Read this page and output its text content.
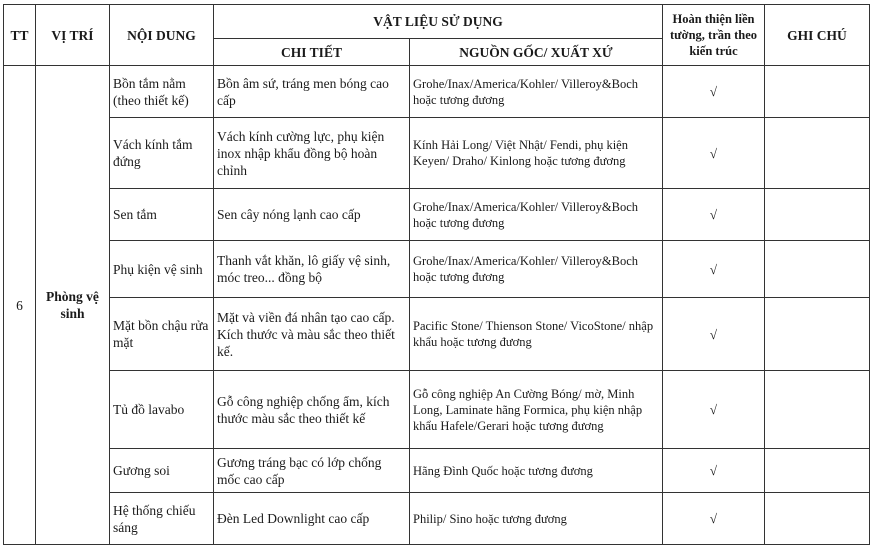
TT	VỊ TRÍ	NỘI DUNG	VẬT LIỆU SỬ DỤNG		Hoàn thiện liền tường, trần theo kiến trúc	GHI CHÚ
			CHI TIẾT	NGUỒN GỐC/ XUẤT XỨ		
6	Phòng vệ sinh	Bồn tắm nằm (theo thiết kế)	Bồn âm sứ, tráng men bóng cao cấp	Grohe/Inax/America/Kohler/ Villeroy&Boch hoặc tương đương	√	
		Vách kính tắm đứng	Vách kính cường lực, phụ kiện inox nhập khẩu đồng bộ hoàn chỉnh	Kính Hải Long/ Việt Nhật/ Fendi, phụ kiện Keyen/ Draho/ Kinlong hoặc tương đương	√	
		Sen tắm	Sen cây nóng lạnh cao cấp	Grohe/Inax/America/Kohler/ Villeroy&Boch hoặc tương đương	√	
		Phụ kiện vệ sinh	Thanh vắt khăn, lô giấy vệ sinh, móc treo... đồng bộ	Grohe/Inax/America/Kohler/ Villeroy&Boch hoặc tương đương	√	
		Mặt bồn chậu rửa mặt	Mặt và viền đá nhân tạo cao cấp. Kích thước và màu sắc theo thiết kế.	Pacific Stone/ Thienson Stone/ VicoStone/ nhập khẩu hoặc tương đương	√	
		Tủ đồ lavabo	Gỗ công nghiệp chống ẩm, kích thước màu sắc theo thiết kế	Gỗ công nghiệp An Cường Bóng/ mờ, Minh Long, Laminate hãng Formica, phụ kiện nhập khẩu Hafele/Gerari hoặc tương đương	√	
		Gương soi	Gương tráng bạc có lớp chống mốc cao cấp	Hãng Đình Quốc hoặc tương đương	√	
		Hệ thống chiếu sáng	Đèn Led Downlight cao cấp	Philip/ Sino hoặc tương đương	√	
